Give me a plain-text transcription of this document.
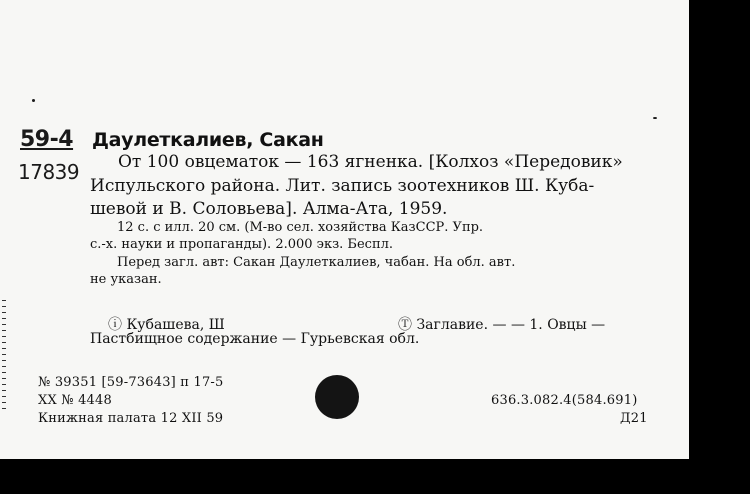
59-4
17839
Даулеткалиев, Сакан
От 100 овцематок — 163 ягненка. [Колхоз «Передовик»
Испульского района. Лит. запись зоотехников Ш. Куба-
шевой и В. Соловьева]. Алма-Ата, 1959.
12 с. с илл. 20 см. (М-во сел. хозяйства КазССР. Упр.
с.-х. науки и пропаганды). 2.000 экз. Беспл.
Перед загл. авт: Сакан Даулеткалиев, чабан. На обл. авт.
не указан.
ⓘ Кубашева, Ш	Ⓣ Заглавие. — — 1. Овцы —
Пастбищное содержание — Гурьевская обл.
№ 39351 [59-73643] п 17-5
XX № 4448
Книжная палата 12 XII 59
636.3.082.4(584.691)
Д21
